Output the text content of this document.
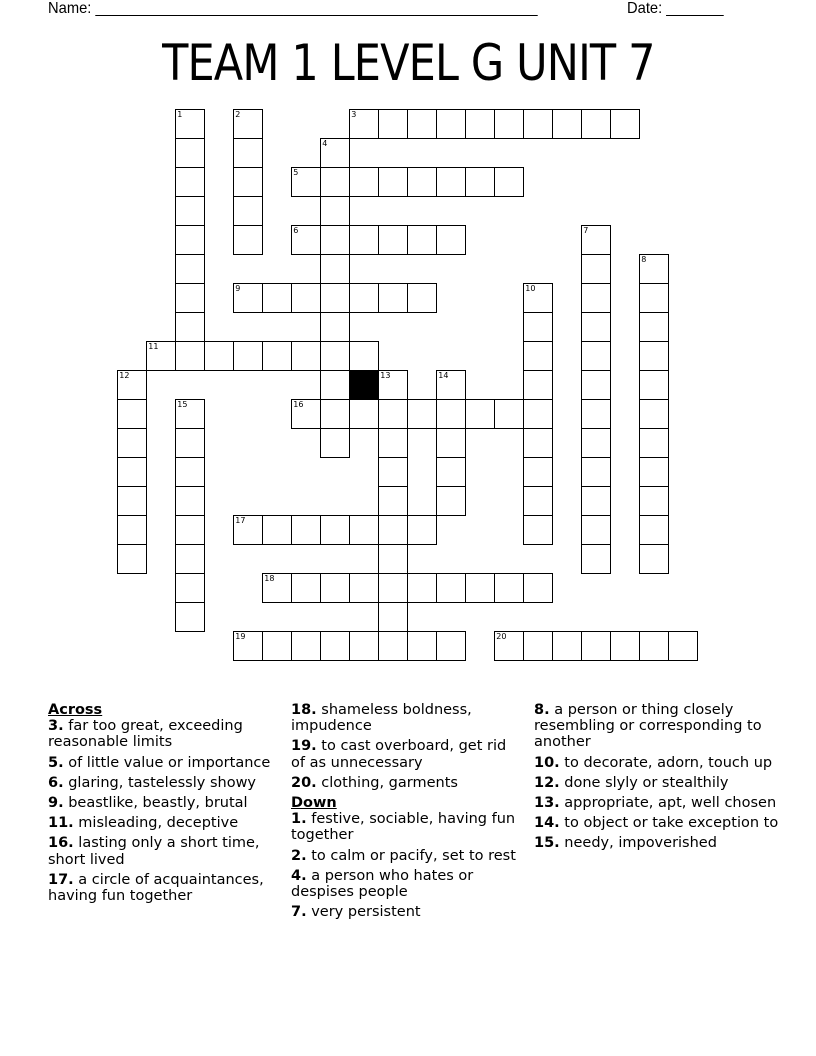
Name: ______________________________________________________	Date: _______
TEAM 1 LEVEL G UNIT 7
1	2	3
4
5
6	7
8
9	10
11
12	13	14
15	16
17
18
19	20
Across
3. far too great, exceeding reasonable limits
5. of little value or importance
6. glaring, tastelessly showy
9. beastlike, beastly, brutal
11. misleading, deceptive
16. lasting only a short time, short lived
17. a circle of acquaintances, having fun together
18. shameless boldness, impudence
19. to cast overboard, get rid of as unnecessary
20. clothing, garments
Down
1. festive, sociable, having fun together
2. to calm or pacify, set to rest
4. a person who hates or despises people
7. very persistent
8. a person or thing closely resembling or corresponding to another
10. to decorate, adorn, touch up
12. done slyly or stealthily
13. appropriate, apt, well chosen
14. to object or take exception to
15. needy, impoverished
